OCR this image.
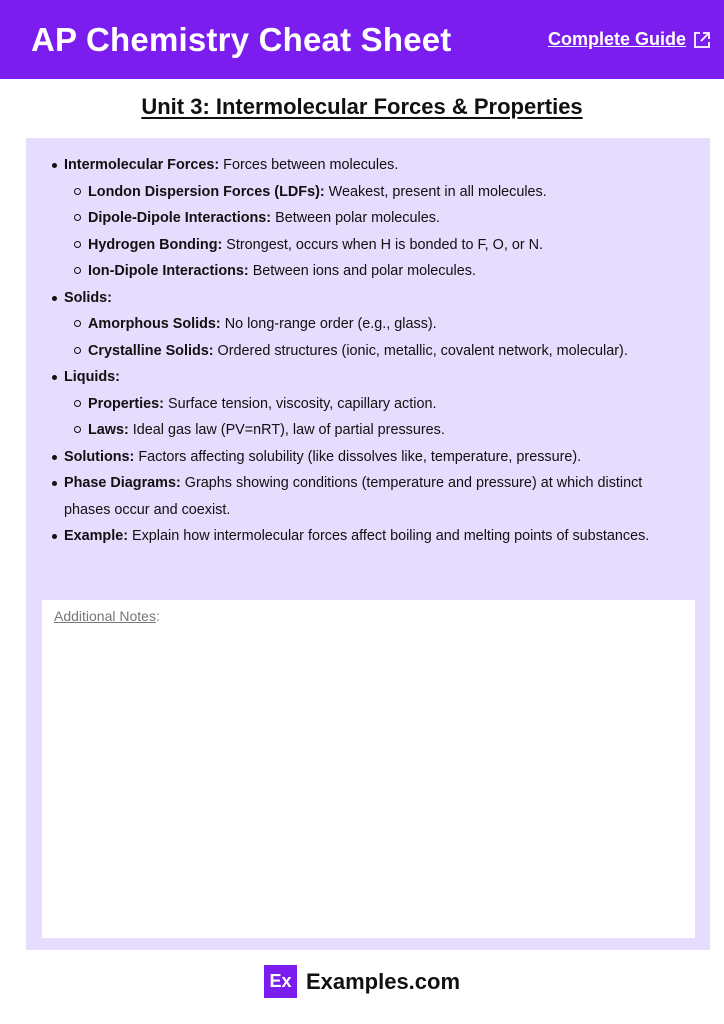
AP Chemistry Cheat Sheet	Complete Guide
Unit 3: Intermolecular Forces & Properties
Intermolecular Forces: Forces between molecules.
London Dispersion Forces (LDFs): Weakest, present in all molecules.
Dipole-Dipole Interactions: Between polar molecules.
Hydrogen Bonding: Strongest, occurs when H is bonded to F, O, or N.
Ion-Dipole Interactions: Between ions and polar molecules.
Solids:
Amorphous Solids: No long-range order (e.g., glass).
Crystalline Solids: Ordered structures (ionic, metallic, covalent network, molecular).
Liquids:
Properties: Surface tension, viscosity, capillary action.
Laws: Ideal gas law (PV=nRT), law of partial pressures.
Solutions: Factors affecting solubility (like dissolves like, temperature, pressure).
Phase Diagrams: Graphs showing conditions (temperature and pressure) at which distinct phases occur and coexist.
Example: Explain how intermolecular forces affect boiling and melting points of substances.
Additional Notes:
Ex Examples.com
